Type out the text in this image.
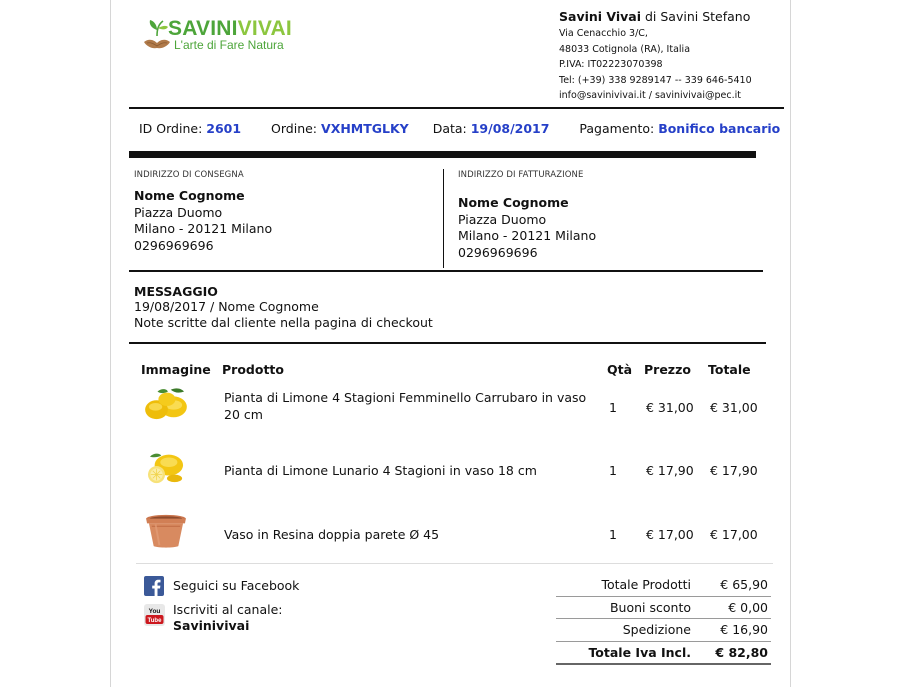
SAVINIVIVAI
L'arte di Fare Natura
Savini Vivai di Savini Stefano
Via Cenacchio 3/C,
48033 Cotignola (RA), Italia
P.IVA: IT02223070398
Tel: (+39) 338 9289147 -- 339 646-5410
info@savinivivai.it / savinivivai@pec.it
ID Ordine: 2601 Ordine: VXHMTGLKY Data: 19/08/2017 Pagamento: Bonifico bancario
INDIRIZZO DI CONSEGNA
Nome Cognome
Piazza Duomo
Milano - 20121 Milano
0296969696
INDIRIZZO DI FATTURAZIONE
Nome Cognome
Piazza Duomo
Milano - 20121 Milano
0296969696
MESSAGGIO
19/08/2017 / Nome Cognome
Note scritte dal cliente nella pagina di checkout
Immagine Prodotto	Qtà Prezzo Totale
Pianta di Limone 4 Stagioni Femminello Carrubaro in vaso
20 cm	1 € 31,00 € 31,00
Pianta di Limone Lunario 4 Stagioni in vaso 18 cm	1 € 17,90 € 17,90
Vaso in Resina doppia parete Ø 45	1 € 17,00 € 17,00
Seguici su Facebook
You
Tube
Iscriviti al canale:
Savinivivai
Totale Prodotti € 65,90
Buoni sconto	€ 0,00
Spedizione € 16,90
Totale Iva Incl. € 82,80
